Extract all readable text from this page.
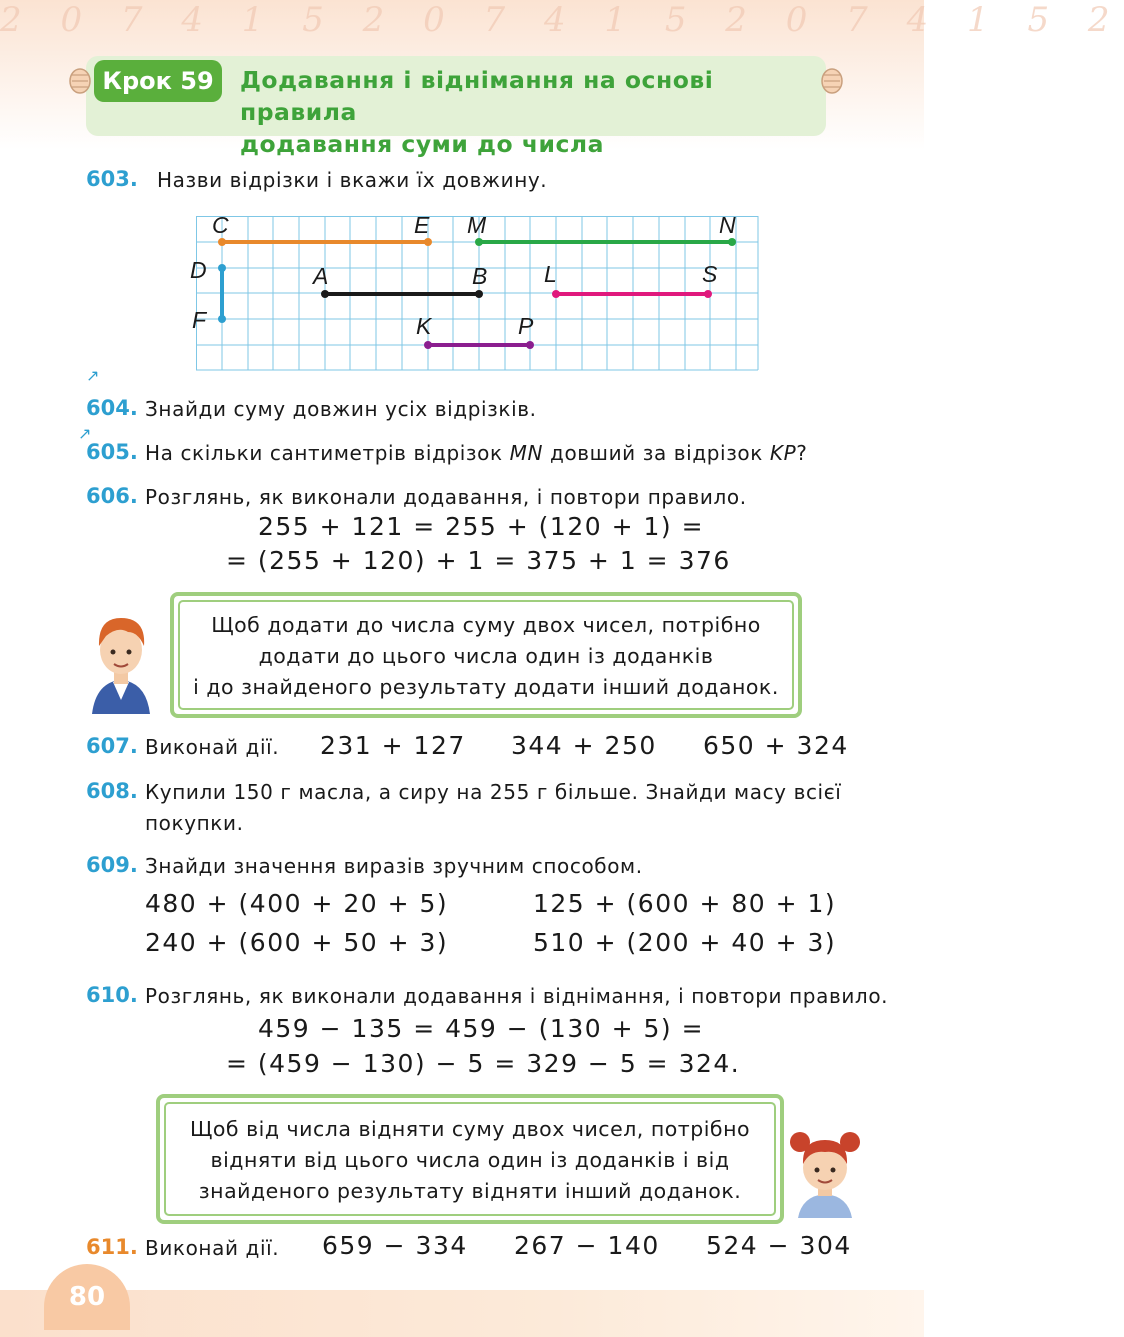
2 0 7 4 1 5 2 0 7 4 1 5 2 0 7 4 1 5 2
Крок 59	Додавання і віднімання на основі правила
додавання суми до числа
603. Назви відрізки і вкажи їх довжину.
C	E M	N
D
F
A	B L	S
K	P
↗
604. Знайди суму довжин усіх відрізків.
↗
605. На скільки сантиметрів відрізок MN довший за відрізок KP?
606. Розглянь, як виконали додавання, і повтори правило.
255 + 121 = 255 + (120 + 1) =
= (255 + 120) + 1 = 375 + 1 = 376
Щоб додати до числа суму двох чисел, потрібно
додати до цього числа один із доданків
і до знайденого результату додати інший доданок.
607. Виконай дії. 231 + 127 344 + 250 650 + 324
608. Купили 150 г масла, а сиру на 255 г більше. Знайди масу всієї
покупки.
609. Знайди значення виразів зручним способом.
480 + (400 + 20 + 5)	125 + (600 + 80 + 1)
240 + (600 + 50 + 3)	510 + (200 + 40 + 3)
610. Розглянь, як виконали додавання і віднімання, і повтори правило.
459 − 135 = 459 − (130 + 5) =
= (459 − 130) − 5 = 329 − 5 = 324.
Щоб від числа відняти суму двох чисел, потрібно
відняти від цього числа один із доданків і від
знайденого результату відняти інший доданок.
611. Виконай дії. 659 − 334 267 − 140 524 − 304
80
